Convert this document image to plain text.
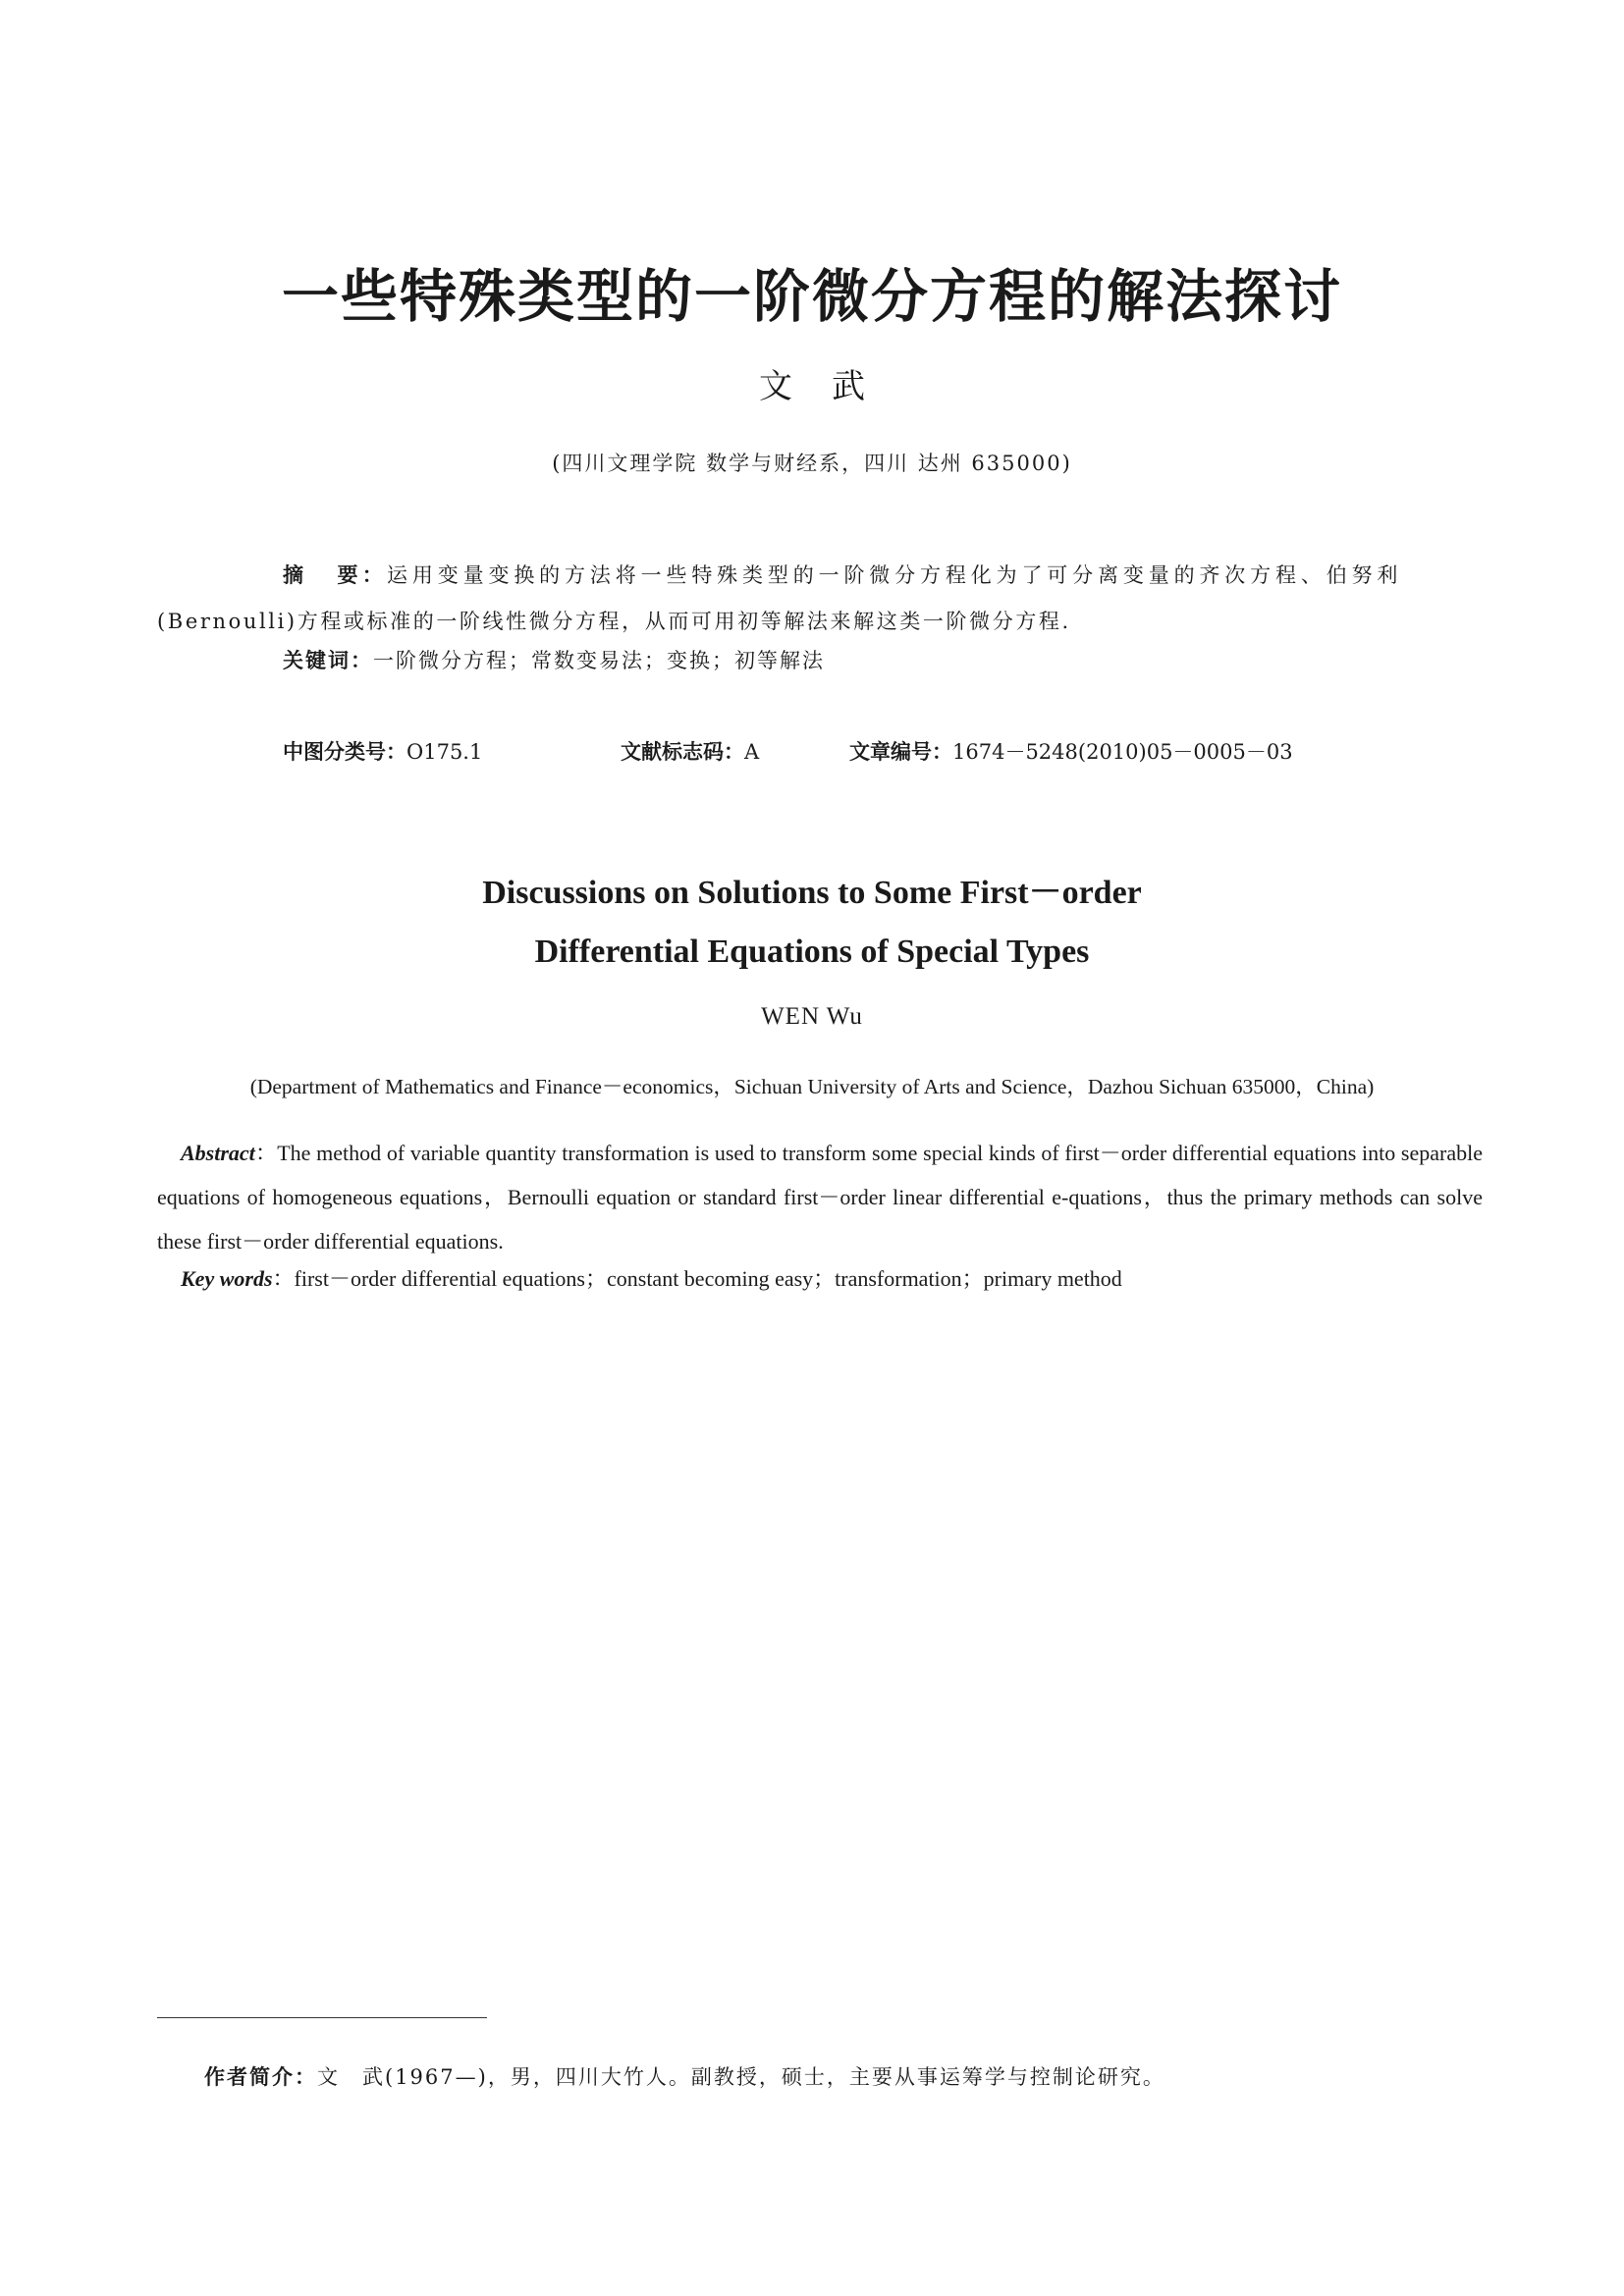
一些特殊类型的一阶微分方程的解法探讨
文武
(四川文理学院 数学与财经系，四川 达州 635000)
摘 要：运用变量变换的方法将一些特殊类型的一阶微分方程化为了可分离变量的齐次方程、伯努利(Bernoulli)方程或标准的一阶线性微分方程，从而可用初等解法来解这类一阶微分方程.
关键词：一阶微分方程；常数变易法；变换；初等解法
中图分类号：O175.1	文献标志码：A	文章编号：1674－5248(2010)05－0005－03
Discussions on Solutions to Some First－order
Differential Equations of Special Types
WEN Wu
(Department of Mathematics and Finance－economics，Sichuan University of Arts and Science，Dazhou Sichuan 635000，China)
Abstract：The method of variable quantity transformation is used to transform some special kinds of first－order differential equations into separable equations of homogeneous equations，Bernoulli equation or standard first－order linear differential e-quations，thus the primary methods can solve these first－order differential equations.
Key words：first－order differential equations；constant becoming easy；transformation；primary method
作者简介：文　武(1967—)，男，四川大竹人。副教授，硕士，主要从事运筹学与控制论研究。
